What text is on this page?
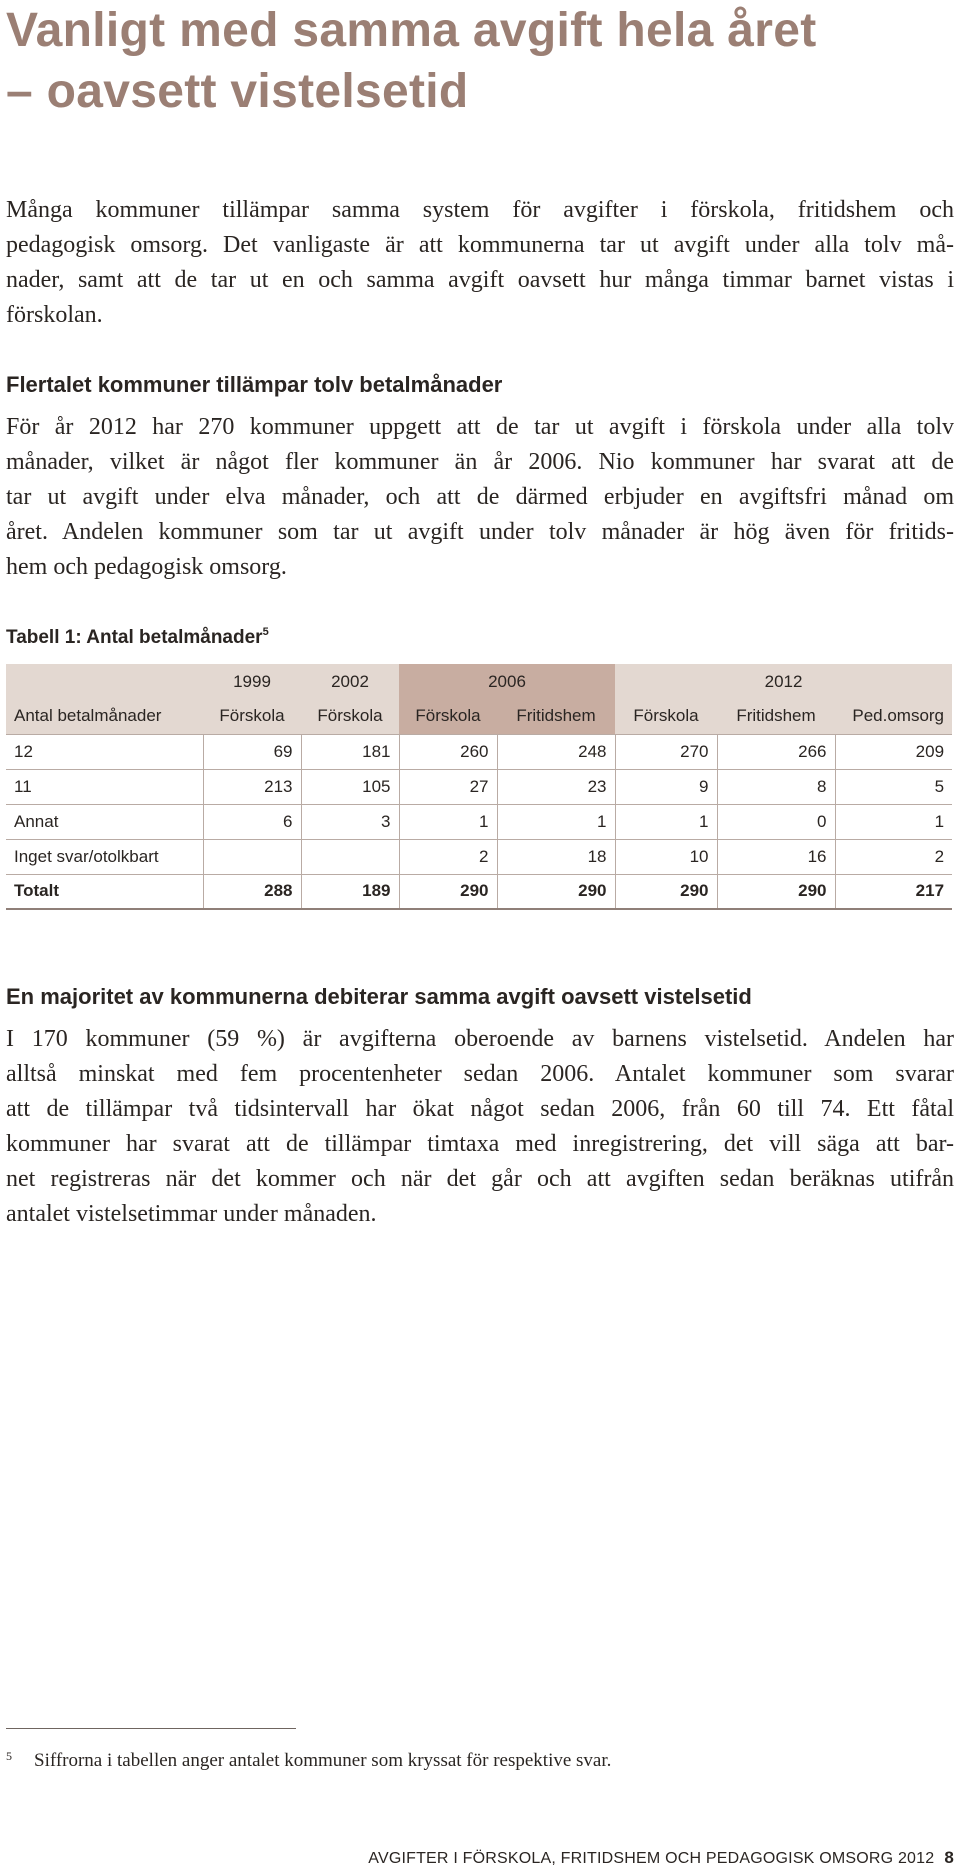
Vanligt med samma avgift hela året
– oavsett vistelsetid
Många kommuner tillämpar samma system för avgifter i förskola, fritidshem och
pedagogisk omsorg. Det vanligaste är att kommunerna tar ut avgift under alla tolv må-
nader, samt att de tar ut en och samma avgift oavsett hur många timmar barnet vistas i
förskolan.
Flertalet kommuner tillämpar tolv betalmånader
För år 2012 har 270 kommuner uppgett att de tar ut avgift i förskola under alla tolv
månader, vilket är något fler kommuner än år 2006. Nio kommuner har svarat att de
tar ut avgift under elva månader, och att de därmed erbjuder en avgiftsfri månad om
året. Andelen kommuner som tar ut avgift under tolv månader är hög även för fritids-
hem och pedagogisk omsorg.
Tabell 1: Antal betalmånader$^5$
	1999	2002	2006		2012		
Antal betalmånader	Förskola	Förskola	Förskola	Fritidshem	Förskola	Fritidshem	Ped.omsorg
12	69	181	260	248	270	266	209
11	213	105	27	23	9	8	5
Annat	6	3	1	1	1	0	1
Inget svar/otolkbart			2	18	10	16	2
Totalt	288	189	290	290	290	290	217
En majoritet av kommunerna debiterar samma avgift oavsett vistelsetid
I 170 kommuner (59 %) är avgifterna oberoende av barnens vistelsetid. Andelen har
alltså minskat med fem procentenheter sedan 2006. Antalet kommuner som svarar
att de tillämpar två tidsintervall har ökat något sedan 2006, från 60 till 74. Ett fåtal
kommuner har svarat att de tillämpar timtaxa med inregistrering, det vill säga att bar-
net registreras när det kommer och när det går och att avgiften sedan beräknas utifrån
antalet vistelsetimmar under månaden.
$^5$ Siffrorna i tabellen anger antalet kommuner som kryssat för respektive svar.
AVGIFTER I FÖRSKOLA, FRITIDSHEM OCH PEDAGOGISK OMSORG 2012 8
